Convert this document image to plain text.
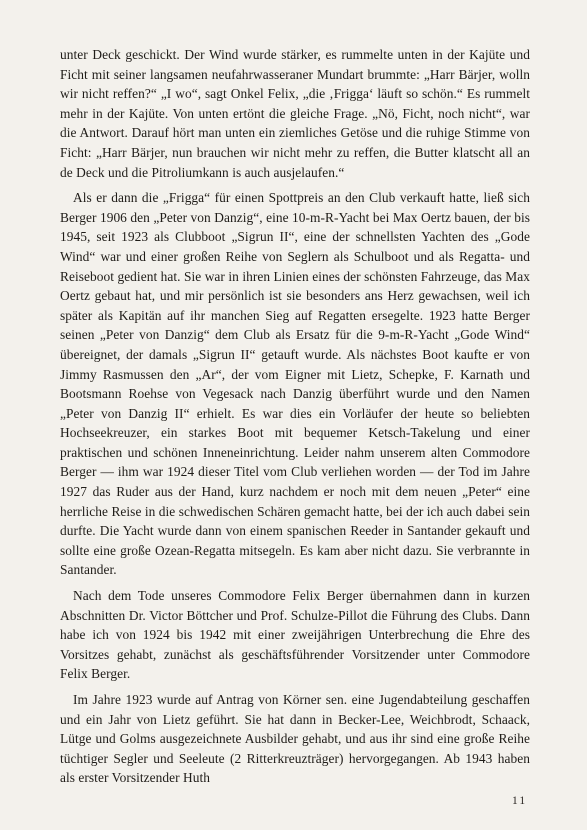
unter Deck geschickt. Der Wind wurde stärker, es rummelte unten in der Kajüte und Ficht mit seiner langsamen neufahrwasseraner Mundart brummte: „Harr Bärjer, wolln wir nicht reffen?“ „I wo“, sagt Onkel Felix, „die ‚Frigga‘ läuft so schön.“ Es rummelt mehr in der Kajüte. Von unten ertönt die gleiche Frage. „Nö, Ficht, noch nicht“, war die Antwort. Darauf hört man unten ein ziemliches Getöse und die ruhige Stimme von Ficht: „Harr Bärjer, nun brauchen wir nicht mehr zu reffen, die Butter klatscht all an de Deck und die Pitroliumkann is auch ausjelaufen.“

Als er dann die „Frigga“ für einen Spottpreis an den Club verkauft hatte, ließ sich Berger 1906 den „Peter von Danzig“, eine 10-m-R-Yacht bei Max Oertz bauen, der bis 1945, seit 1923 als Clubboot „Sigrun II“, eine der schnellsten Yachten des „Gode Wind“ war und einer großen Reihe von Seglern als Schulboot und als Regatta- und Reiseboot gedient hat. Sie war in ihren Linien eines der schönsten Fahrzeuge, das Max Oertz gebaut hat, und mir persönlich ist sie besonders ans Herz gewachsen, weil ich später als Kapitän auf ihr manchen Sieg auf Regatten ersegelte. 1923 hatte Berger seinen „Peter von Danzig“ dem Club als Ersatz für die 9-m-R-Yacht „Gode Wind“ übereignet, der damals „Sigrun II“ getauft wurde. Als nächstes Boot kaufte er von Jimmy Rasmussen den „Ar“, der vom Eigner mit Lietz, Schepke, F. Karnath und Bootsmann Roehse von Vegesack nach Danzig überführt wurde und den Namen „Peter von Danzig II“ erhielt. Es war dies ein Vorläufer der heute so beliebten Hochseekreuzer, ein starkes Boot mit bequemer Ketsch-Takelung und einer praktischen und schönen Inneneinrichtung. Leider nahm unserem alten Commodore Berger — ihm war 1924 dieser Titel vom Club verliehen worden — der Tod im Jahre 1927 das Ruder aus der Hand, kurz nachdem er noch mit dem neuen „Peter“ eine herrliche Reise in die schwedischen Schären gemacht hatte, bei der ich auch dabei sein durfte. Die Yacht wurde dann von einem spanischen Reeder in Santander gekauft und sollte eine große Ozean-Regatta mitsegeln. Es kam aber nicht dazu. Sie verbrannte in Santander.

Nach dem Tode unseres Commodore Felix Berger übernahmen dann in kurzen Abschnitten Dr. Victor Böttcher und Prof. Schulze-Pillot die Führung des Clubs. Dann habe ich von 1924 bis 1942 mit einer zweijährigen Unterbrechung die Ehre des Vorsitzes gehabt, zunächst als geschäftsführender Vorsitzender unter Commodore Felix Berger.

Im Jahre 1923 wurde auf Antrag von Körner sen. eine Jugendabteilung geschaffen und ein Jahr von Lietz geführt. Sie hat dann in Becker-Lee, Weichbrodt, Schaack, Lütge und Golms ausgezeichnete Ausbilder gehabt, und aus ihr sind eine große Reihe tüchtiger Segler und Seeleute (2 Ritterkreuzträger) hervorgegangen. Ab 1943 haben als erster Vorsitzender Huth

11
